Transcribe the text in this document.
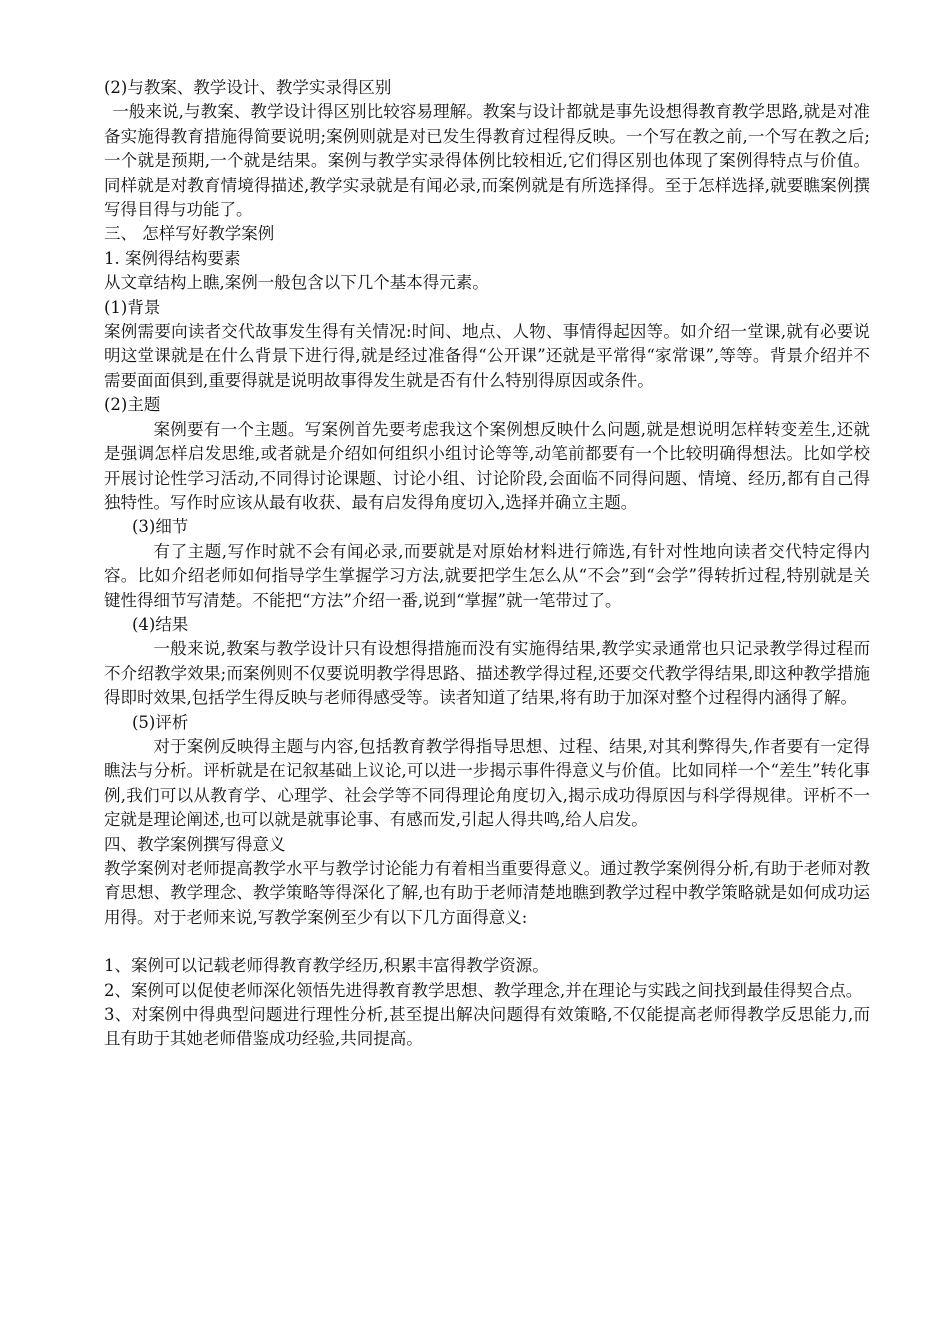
(2)与教案、教学设计、教学实录得区别

一般来说,与教案、教学设计得区别比较容易理解。教案与设计都就是事先设想得教育教学思路,就是对准备实施得教育措施得简要说明;案例则就是对已发生得教育过程得反映。一个写在教之前,一个写在教之后;一个就是预期,一个就是结果。案例与教学实录得体例比较相近,它们得区别也体现了案例得特点与价值。同样就是对教育情境得描述,教学实录就是有闻必录,而案例就是有所选择得。至于怎样选择,就要瞧案例撰写得目得与功能了。

三、 怎样写好教学案例

1. 案例得结构要素

从文章结构上瞧,案例一般包含以下几个基本得元素。

(1)背景

案例需要向读者交代故事发生得有关情况:时间、地点、人物、事情得起因等。如介绍一堂课,就有必要说明这堂课就是在什么背景下进行得,就是经过准备得“公开课”还就是平常得“家常课”,等等。背景介绍并不需要面面俱到,重要得就是说明故事得发生就是否有什么特别得原因或条件。

(2)主题

案例要有一个主题。写案例首先要考虑我这个案例想反映什么问题,就是想说明怎样转变差生,还就是强调怎样启发思维,或者就是介绍如何组织小组讨论等等,动笔前都要有一个比较明确得想法。比如学校开展讨论性学习活动,不同得讨论课题、讨论小组、讨论阶段,会面临不同得问题、情境、经历,都有自己得独特性。写作时应该从最有收获、最有启发得角度切入,选择并确立主题。

(3)细节

有了主题,写作时就不会有闻必录,而要就是对原始材料进行筛选,有针对性地向读者交代特定得内容。比如介绍老师如何指导学生掌握学习方法,就要把学生怎么从“不会”到“会学”得转折过程,特别就是关键性得细节写清楚。不能把“方法”介绍一番,说到“掌握”就一笔带过了。

(4)结果

一般来说,教案与教学设计只有设想得措施而没有实施得结果,教学实录通常也只记录教学得过程而不介绍教学效果;而案例则不仅要说明教学得思路、描述教学得过程,还要交代教学得结果,即这种教学措施得即时效果,包括学生得反映与老师得感受等。读者知道了结果,将有助于加深对整个过程得内涵得了解。

(5)评析

对于案例反映得主题与内容,包括教育教学得指导思想、过程、结果,对其利弊得失,作者要有一定得瞧法与分析。评析就是在记叙基础上议论,可以进一步揭示事件得意义与价值。比如同样一个“差生”转化事例,我们可以从教育学、心理学、社会学等不同得理论角度切入,揭示成功得原因与科学得规律。评析不一定就是理论阐述,也可以就是就事论事、有感而发,引起人得共鸣,给人启发。

四、教学案例撰写得意义

教学案例对老师提高教学水平与教学讨论能力有着相当重要得意义。通过教学案例得分析,有助于老师对教育思想、教学理念、教学策略等得深化了解,也有助于老师清楚地瞧到教学过程中教学策略就是如何成功运用得。对于老师来说,写教学案例至少有以下几方面得意义:

1、案例可以记载老师得教育教学经历,积累丰富得教学资源。

2、案例可以促使老师深化领悟先进得教育教学思想、教学理念,并在理论与实践之间找到最佳得契合点。

3、对案例中得典型问题进行理性分析,甚至提出解决问题得有效策略,不仅能提高老师得教学反思能力,而且有助于其她老师借鉴成功经验,共同提高。
